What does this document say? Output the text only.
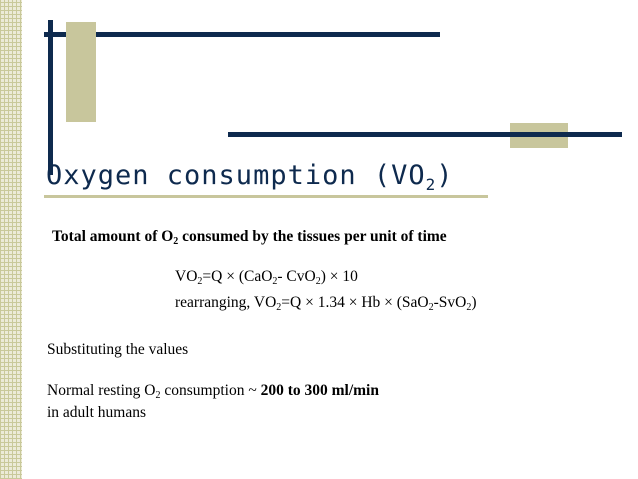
Oxygen consumption $(VO_2)$
Total amount of $O_2$ consumed by the tissues per unit of time
$VO_2=Q \times (CaO_2-$ CvO$_2$) × 10
rearranging, $VO_2=Q \times 1.34 \times Hb \times (SaO_2-SvO_2)$
Substituting the values
Normal resting $O_2$ consumption ~ 200 to 300 ml/min
in adult humans
